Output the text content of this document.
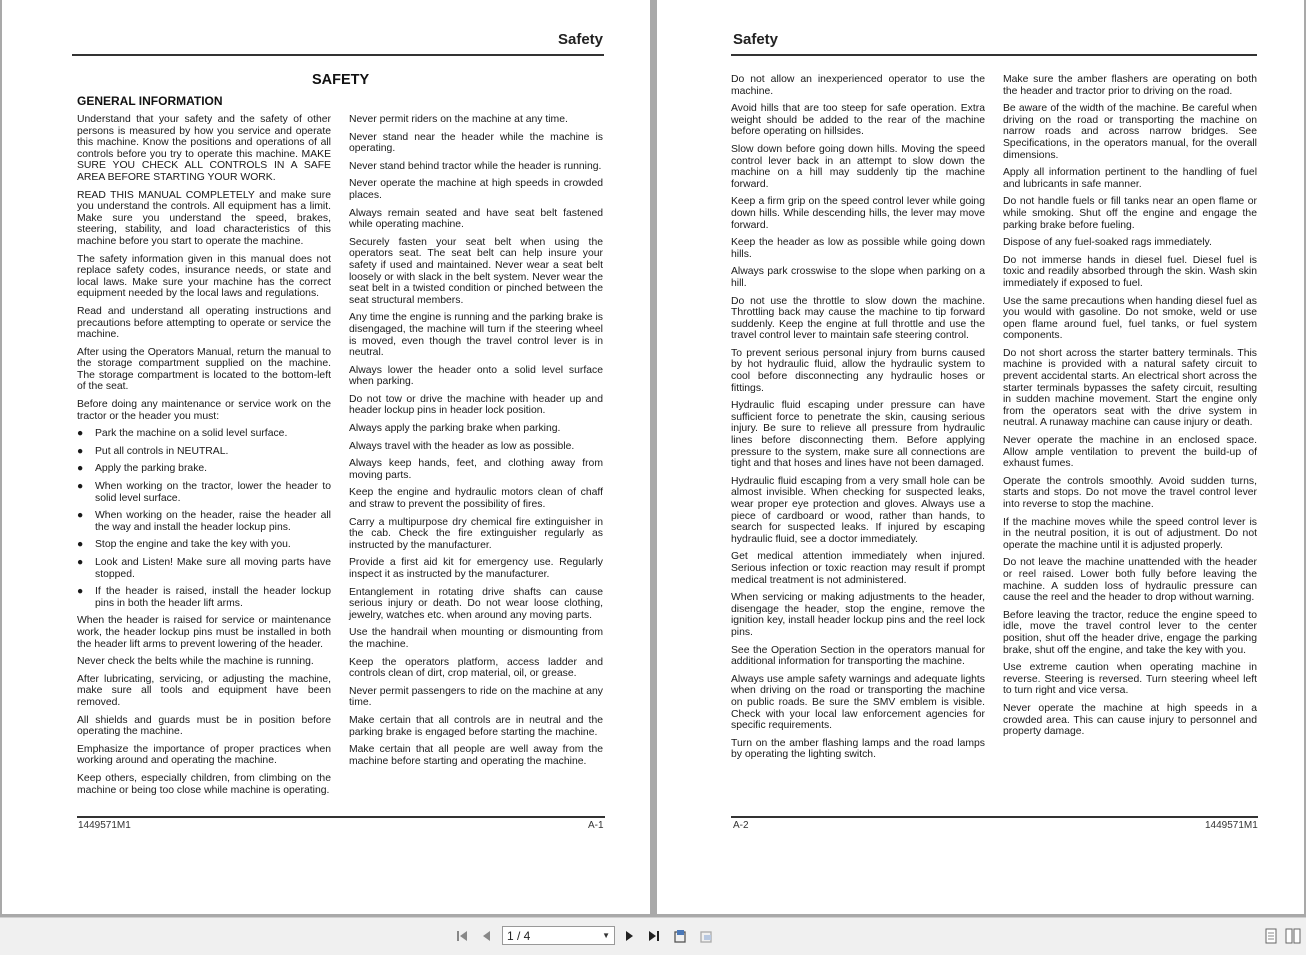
Safety
SAFETY
GENERAL INFORMATION

Understand that your safety and the safety of other persons is measured by how you service and operate this machine. Know the positions and operations of all controls before you try to operate this machine. MAKE SURE YOU CHECK ALL CONTROLS IN A SAFE AREA BEFORE STARTING YOUR WORK.

READ THIS MANUAL COMPLETELY and make sure you understand the controls. All equipment has a limit. Make sure you understand the speed, brakes, steering, stability, and load characteristics of this machine before you start to operate the machine.

The safety information given in this manual does not replace safety codes, insurance needs, or state and local laws. Make sure your machine has the correct equipment needed by the local laws and regulations.

Read and understand all operating instructions and precautions before attempting to operate or service the machine.

After using the Operators Manual, return the manual to the storage compartment supplied on the machine. The storage compartment is located to the bottom-left of the seat.

Before doing any maintenance or service work on the tractor or the header you must:

● Park the machine on a solid level surface.
● Put all controls in NEUTRAL.
● Apply the parking brake.
● When working on the tractor, lower the header to solid level surface.
● When working on the header, raise the header all the way and install the header lockup pins.
● Stop the engine and take the key with you.
● Look and Listen! Make sure all moving parts have stopped.
● If the header is raised, install the header lockup pins in both the header lift arms.

When the header is raised for service or maintenance work, the header lockup pins must be installed in both the header lift arms to prevent lowering of the header.

Never check the belts while the machine is running.

After lubricating, servicing, or adjusting the machine, make sure all tools and equipment have been removed.

All shields and guards must be in position before operating the machine.

Emphasize the importance of proper practices when working around and operating the machine.

Keep others, especially children, from climbing on the machine or being too close while machine is operating.

Never permit riders on the machine at any time.

Never stand near the header while the machine is operating.

Never stand behind tractor while the header is running.

Never operate the machine at high speeds in crowded places.

Always remain seated and have seat belt fastened while operating machine.

Securely fasten your seat belt when using the operators seat. The seat belt can help insure your safety if used and maintained. Never wear a seat belt loosely or with slack in the belt system. Never wear the seat belt in a twisted condition or pinched between the seat structural members.

Any time the engine is running and the parking brake is disengaged, the machine will turn if the steering wheel is moved, even though the travel control lever is in neutral.

Always lower the header onto a solid level surface when parking.

Do not tow or drive the machine with header up and header lockup pins in header lock position.

Always apply the parking brake when parking.

Always travel with the header as low as possible.

Always keep hands, feet, and clothing away from moving parts.

Keep the engine and hydraulic motors clean of chaff and straw to prevent the possibility of fires.

Carry a multipurpose dry chemical fire extinguisher in the cab. Check the fire extinguisher regularly as instructed by the manufacturer.

Provide a first aid kit for emergency use. Regularly inspect it as instructed by the manufacturer.

Entanglement in rotating drive shafts can cause serious injury or death. Do not wear loose clothing, jewelry, watches etc. when around any moving parts.

Use the handrail when mounting or dismounting from the machine.

Keep the operators platform, access ladder and controls clean of dirt, crop material, oil, or grease.

Never permit passengers to ride on the machine at any time.

Make certain that all controls are in neutral and the parking brake is engaged before starting the machine.

Make certain that all people are well away from the machine before starting and operating the machine.

1449571M1	A-1
Safety

Do not allow an inexperienced operator to use the machine.

Avoid hills that are too steep for safe operation. Extra weight should be added to the rear of the machine before operating on hillsides.

Slow down before going down hills. Moving the speed control lever back in an attempt to slow down the machine on a hill may suddenly tip the machine forward.

Keep a firm grip on the speed control lever while going down hills. While descending hills, the lever may move forward.

Keep the header as low as possible while going down hills.

Always park crosswise to the slope when parking on a hill.

Do not use the throttle to slow down the machine. Throttling back may cause the machine to tip forward suddenly. Keep the engine at full throttle and use the travel control lever to maintain safe steering control.

To prevent serious personal injury from burns caused by hot hydraulic fluid, allow the hydraulic system to cool before disconnecting any hydraulic hoses or fittings.

Hydraulic fluid escaping under pressure can have sufficient force to penetrate the skin, causing serious injury. Be sure to relieve all pressure from hydraulic lines before disconnecting them. Before applying pressure to the system, make sure all connections are tight and that hoses and lines have not been damaged.

Hydraulic fluid escaping from a very small hole can be almost invisible. When checking for suspected leaks, wear proper eye protection and gloves. Always use a piece of cardboard or wood, rather than hands, to search for suspected leaks. If injured by escaping hydraulic fluid, see a doctor immediately.

Get medical attention immediately when injured. Serious infection or toxic reaction may result if prompt medical treatment is not administered.

When servicing or making adjustments to the header, disengage the header, stop the engine, remove the ignition key, install header lockup pins and the reel lock pins.

See the Operation Section in the operators manual for additional information for transporting the machine.

Always use ample safety warnings and adequate lights when driving on the road or transporting the machine on public roads. Be sure the SMV emblem is visible. Check with your local law enforcement agencies for specific requirements.

Turn on the amber flashing lamps and the road lamps by operating the lighting switch.

Make sure the amber flashers are operating on both the header and tractor prior to driving on the road.

Be aware of the width of the machine. Be careful when driving on the road or transporting the machine on narrow roads and across narrow bridges. See Specifications, in the operators manual, for the overall dimensions.

Apply all information pertinent to the handling of fuel and lubricants in safe manner.

Do not handle fuels or fill tanks near an open flame or while smoking. Shut off the engine and engage the parking brake before fueling.

Dispose of any fuel-soaked rags immediately.

Do not immerse hands in diesel fuel. Diesel fuel is toxic and readily absorbed through the skin. Wash skin immediately if exposed to fuel.

Use the same precautions when handing diesel fuel as you would with gasoline. Do not smoke, weld or use open flame around fuel, fuel tanks, or fuel system components.

Do not short across the starter battery terminals. This machine is provided with a natural safety circuit to prevent accidental starts. An electrical short across the starter terminals bypasses the safety circuit, resulting in sudden machine movement. Start the engine only from the operators seat with the drive system in neutral. A runaway machine can cause injury or death.

Never operate the machine in an enclosed space. Allow ample ventilation to prevent the build-up of exhaust fumes.

Operate the controls smoothly. Avoid sudden turns, starts and stops. Do not move the travel control lever into reverse to stop the machine.

If the machine moves while the speed control lever is in the neutral position, it is out of adjustment. Do not operate the machine until it is adjusted properly.

Do not leave the machine unattended with the header or reel raised. Lower both fully before leaving the machine. A sudden loss of hydraulic pressure can cause the reel and the header to drop without warning.

Before leaving the tractor, reduce the engine speed to idle, move the travel control lever to the center position, shut off the header drive, engage the parking brake, shut off the engine, and take the key with you.

Use extreme caution when operating machine in reverse. Steering is reversed. Turn steering wheel left to turn right and vice versa.

Never operate the machine at high speeds in a crowded area. This can cause injury to personnel and property damage.

A-2	1449571M1
1 / 4	▼
